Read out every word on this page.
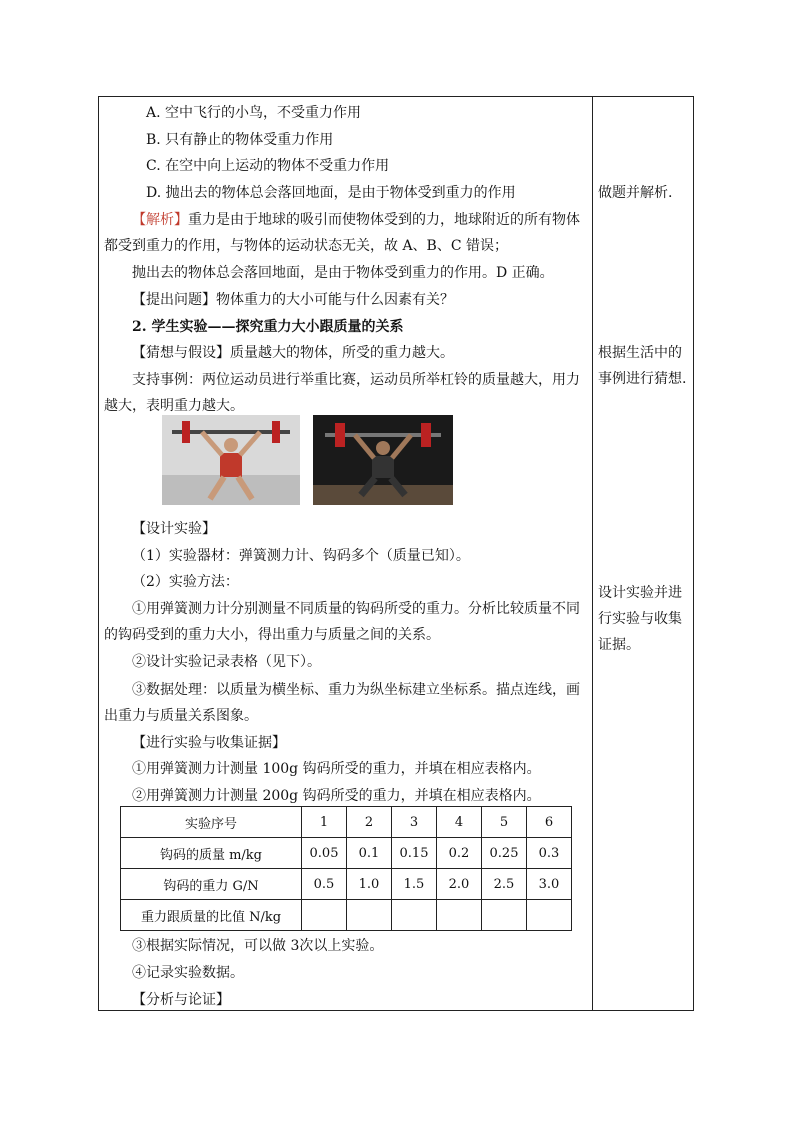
A. 空中飞行的小鸟，不受重力作用
B. 只有静止的物体受重力作用
C. 在空中向上运动的物体不受重力作用
D. 抛出去的物体总会落回地面，是由于物体受到重力的作用
【解析】重力是由于地球的吸引而使物体受到的力，地球附近的所有物体都受到重力的作用，与物体的运动状态无关，故 A、B、C 错误；
抛出去的物体总会落回地面，是由于物体受到重力的作用。D 正确。
【提出问题】物体重力的大小可能与什么因素有关？
2. 学生实验——探究重力大小跟质量的关系
【猜想与假设】质量越大的物体，所受的重力越大。
支持事例：两位运动员进行举重比赛，运动员所举杠铃的质量越大，用力越大，表明重力越大。
【设计实验】
（1）实验器材：弹簧测力计、钩码多个（质量已知）。
（2）实验方法：
①用弹簧测力计分别测量不同质量的钩码所受的重力。分析比较质量不同的钩码受到的重力大小，得出重力与质量之间的关系。
②设计实验记录表格（见下）。
③数据处理：以质量为横坐标、重力为纵坐标建立坐标系。描点连线，画出重力与质量关系图象。
【进行实验与收集证据】
①用弹簧测力计测量 100g 钩码所受的重力，并填在相应表格内。
②用弹簧测力计测量 200g 钩码所受的重力，并填在相应表格内。
③根据实际情况，可以做 3次以上实验。
④记录实验数据。
【分析与论证】
实验序号	1	2	3	4	5	6
钩码的质量 m/kg	0.05	0.1	0.15	0.2	0.25	0.3
钩码的重力 G/N	0.5	1.0	1.5	2.0	2.5	3.0
重力跟质量的比值 N/kg						
做题并解析.
根据生活中的事例进行猜想.
设计实验并进行实验与收集证据。
